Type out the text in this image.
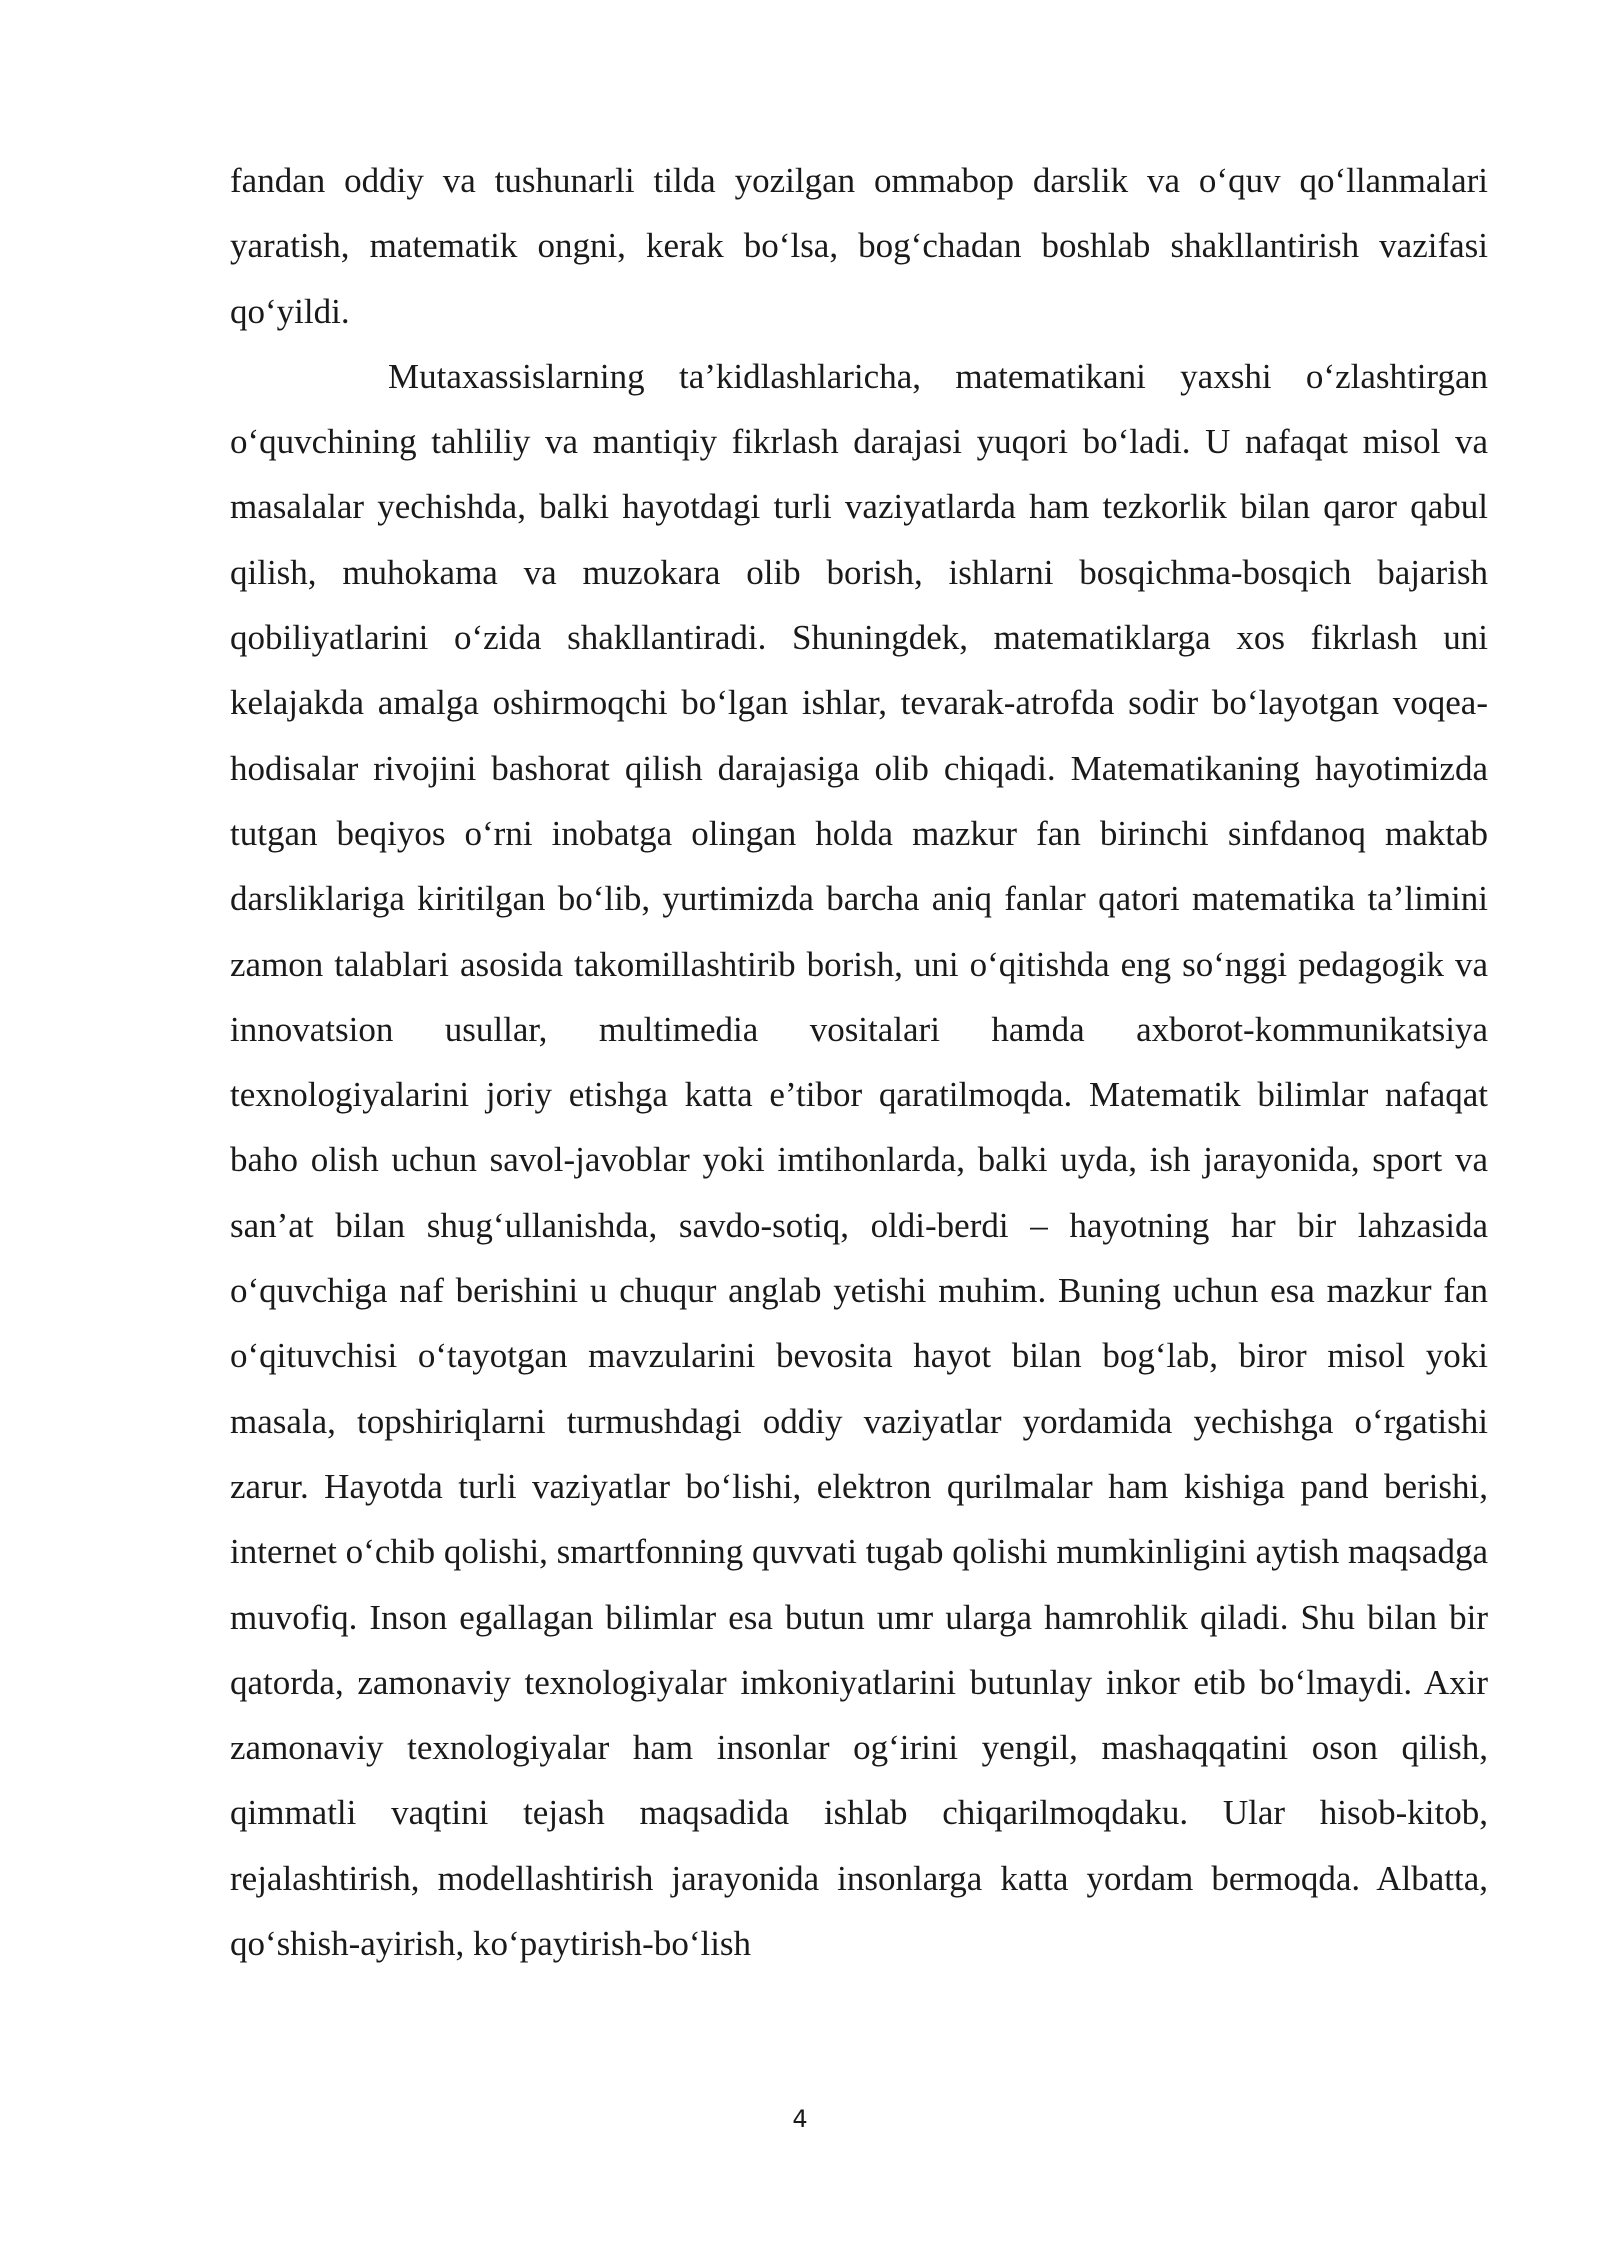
fandan oddiy va tushunarli tilda yozilgan ommabop darslik va o‘quv qo‘llanmalari yaratish, matematik ongni, kerak bo‘lsa, bog‘chadan boshlab shakllantirish vazifasi qo‘yildi.

Mutaxassislarning ta’kidlashlaricha, matematikani yaxshi o‘zlashtirgan o‘quvchining tahliliy va mantiqiy fikrlash darajasi yuqori bo‘ladi. U nafaqat misol va masalalar yechishda, balki hayotdagi turli vaziyatlarda ham tezkorlik bilan qaror qabul qilish, muhokama va muzokara olib borish, ishlarni bosqichma-bosqich bajarish qobiliyatlarini o‘zida shakllantiradi. Shuningdek, matematiklarga xos fikrlash uni kelajakda amalga oshirmoqchi bo‘lgan ishlar, tevarak-atrofda sodir bo‘layotgan voqea-hodisalar rivojini bashorat qilish darajasiga olib chiqadi. Matematikaning hayotimizda tutgan beqiyos o‘rni inobatga olingan holda mazkur fan birinchi sinfdanoq maktab darsliklariga kiritilgan bo‘lib, yurtimizda barcha aniq fanlar qatori matematika ta’limini zamon talablari asosida takomillashtirib borish, uni o‘qitishda eng so‘nggi pedagogik va innovatsion usullar, multimedia vositalari hamda axborot-kommunikatsiya texnologiyalarini joriy etishga katta e’tibor qaratilmoqda. Matematik bilimlar nafaqat baho olish uchun savol-javoblar yoki imtihonlarda, balki uyda, ish jarayonida, sport va san’at bilan shug‘ullanishda, savdo-sotiq, oldi-berdi – hayotning har bir lahzasida o‘quvchiga naf berishini u chuqur anglab yetishi muhim. Buning uchun esa mazkur fan o‘qituvchisi o‘tayotgan mavzularini bevosita hayot bilan bog‘lab, biror misol yoki masala, topshiriqlarni turmushdagi oddiy vaziyatlar yordamida yechishga o‘rgatishi zarur. Hayotda turli vaziyatlar bo‘lishi, elektron qurilmalar ham kishiga pand berishi, internet o‘chib qolishi, smartfonning quvvati tugab qolishi mumkinligini aytish maqsadga muvofiq. Inson egallagan bilimlar esa butun umr ularga hamrohlik qiladi. Shu bilan bir qatorda, zamonaviy texnologiyalar imkoniyatlarini butunlay inkor etib bo‘lmaydi. Axir zamonaviy texnologiyalar ham insonlar og‘irini yengil, mashaqqatini oson qilish, qimmatli vaqtini tejash maqsadida ishlab chiqarilmoqdaku. Ular hisob-kitob, rejalashtirish, modellashtirish jarayonida insonlarga katta yordam bermoqda. Albatta, qo‘shish-ayirish, ko‘paytirish-bo‘lish

4
